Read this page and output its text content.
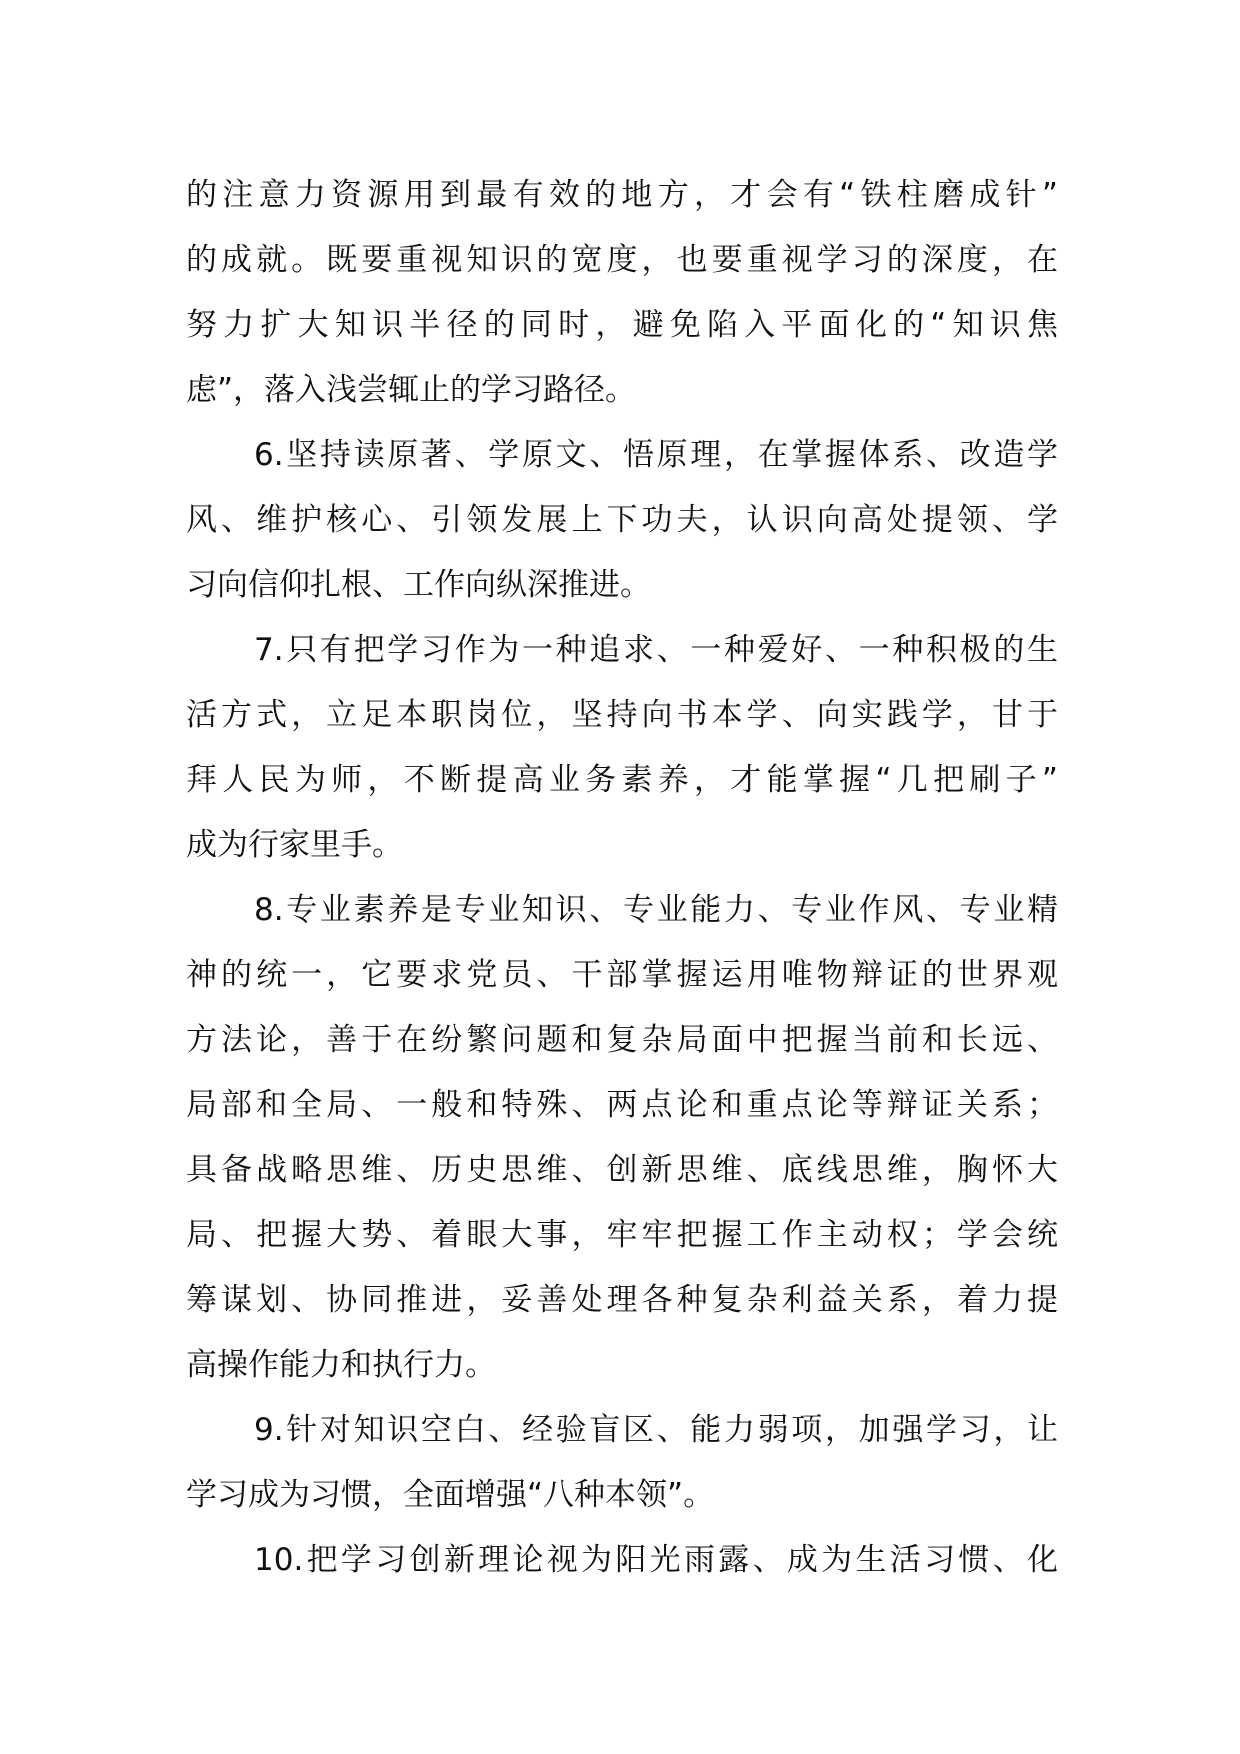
的注意力资源用到最有效的地方，才会有“铁柱磨成针”
的成就。既要重视知识的宽度，也要重视学习的深度，在
努力扩大知识半径的同时，避免陷入平面化的“知识焦
虑”，落入浅尝辄止的学习路径。
6.坚持读原著、学原文、悟原理，在掌握体系、改造学
风、维护核心、引领发展上下功夫，认识向高处提领、学
习向信仰扎根、工作向纵深推进。
7.只有把学习作为一种追求、一种爱好、一种积极的生
活方式，立足本职岗位，坚持向书本学、向实践学，甘于
拜人民为师，不断提高业务素养，才能掌握“几把刷子”
成为行家里手。
8.专业素养是专业知识、专业能力、专业作风、专业精
神的统一，它要求党员、干部掌握运用唯物辩证的世界观
方法论，善于在纷繁问题和复杂局面中把握当前和长远、
局部和全局、一般和特殊、两点论和重点论等辩证关系；
具备战略思维、历史思维、创新思维、底线思维，胸怀大
局、把握大势、着眼大事，牢牢把握工作主动权；学会统
筹谋划、协同推进，妥善处理各种复杂利益关系，着力提
高操作能力和执行力。
9.针对知识空白、经验盲区、能力弱项，加强学习，让
学习成为习惯，全面增强“八种本领”。
10.把学习创新理论视为阳光雨露、成为生活习惯、化
